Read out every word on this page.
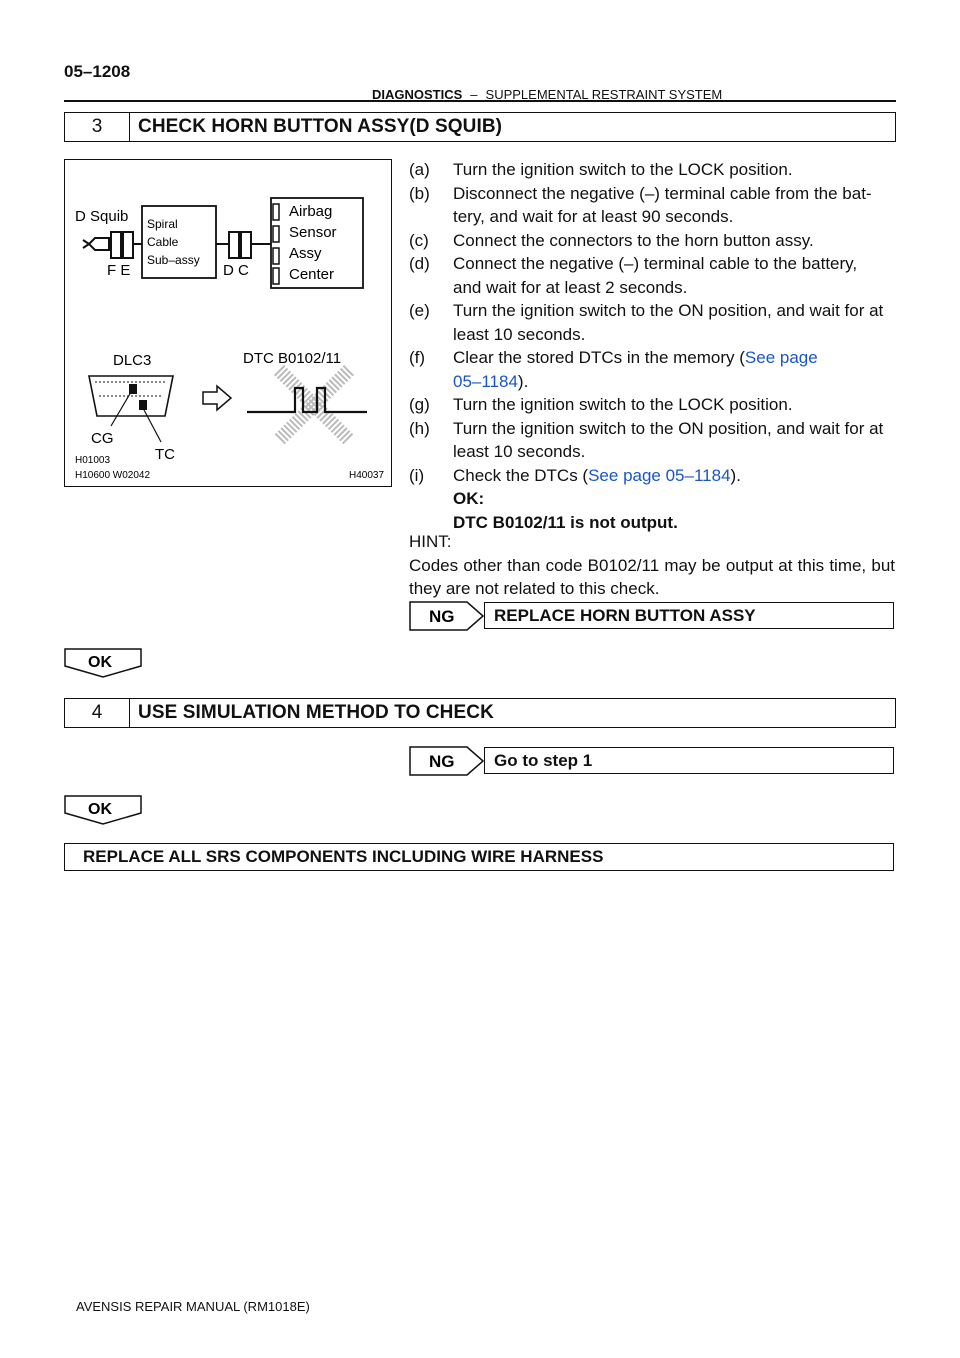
05–1208
DIAGNOSTICS – SUPPLEMENTAL RESTRAINT SYSTEM
3	CHECK HORN BUTTON ASSY(D SQUIB)
D Squib
F E
Spiral
Cable
Sub–assy
D C
Airbag
Sensor
Assy
Center
DLC3
CG
TC
DTC B0102/11
H01003
H10600 W02042	H40037
(a)	Turn the ignition switch to the LOCK position.
(b)	Disconnect the negative (–) terminal cable from the bat-
tery, and wait for at least 90 seconds.
(c)	Connect the connectors to the horn button assy.
(d)	Connect the negative (–) terminal cable to the battery,
and wait for at least 2 seconds.
(e)	Turn the ignition switch to the ON position, and wait for at
least 10 seconds.
(f)	Clear the stored DTCs in the memory (See page
05–1184).
(g)	Turn the ignition switch to the LOCK position.
(h)	Turn the ignition switch to the ON position, and wait for at
least 10 seconds.
(i)	Check the DTCs (See page 05–1184).
OK:
DTC B0102/11 is not output.
HINT:
Codes other than code B0102/11 may be output at this time, but they are not related to this check.
NG	REPLACE HORN BUTTON ASSY
OK
4	USE SIMULATION METHOD TO CHECK
NG	Go to step 1
OK
REPLACE ALL SRS COMPONENTS INCLUDING WIRE HARNESS
AVENSIS REPAIR MANUAL (RM1018E)
